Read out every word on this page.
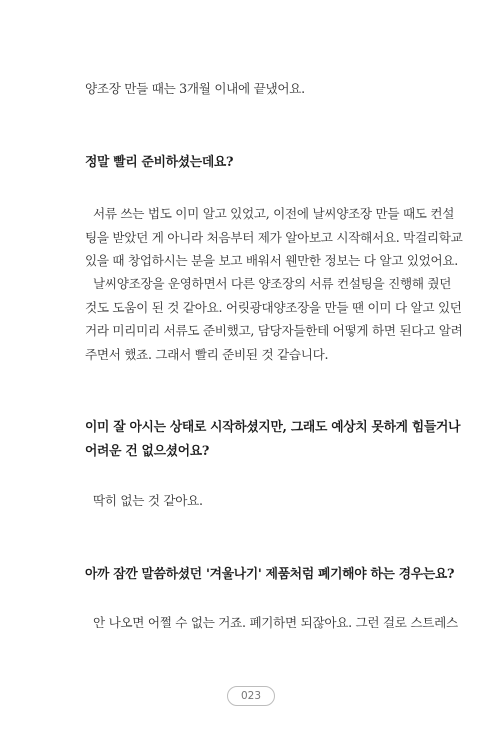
양조장 만들 때는 3개월 이내에 끝냈어요.
정말 빨리 준비하셨는데요?
서류 쓰는 법도 이미 알고 있었고, 이전에 날씨양조장 만들 때도 컨설
팅을 받았던 게 아니라 처음부터 제가 알아보고 시작해서요. 막걸리학교
있을 때 창업하시는 분을 보고 배워서 웬만한 정보는 다 알고 있었어요.
날씨양조장을 운영하면서 다른 양조장의 서류 컨설팅을 진행해 줬던
것도 도움이 된 것 같아요. 어릿광대양조장을 만들 땐 이미 다 알고 있던
거라 미리미리 서류도 준비했고, 담당자들한테 어떻게 하면 된다고 알려
주면서 했죠. 그래서 빨리 준비된 것 같습니다.
이미 잘 아시는 상태로 시작하셨지만, 그래도 예상치 못하게 힘들거나
어려운 건 없으셨어요?
딱히 없는 것 같아요.
아까 잠깐 말씀하셨던 '겨울나기' 제품처럼 폐기해야 하는 경우는요?
안 나오면 어쩔 수 없는 거죠. 폐기하면 되잖아요. 그런 걸로 스트레스
023
